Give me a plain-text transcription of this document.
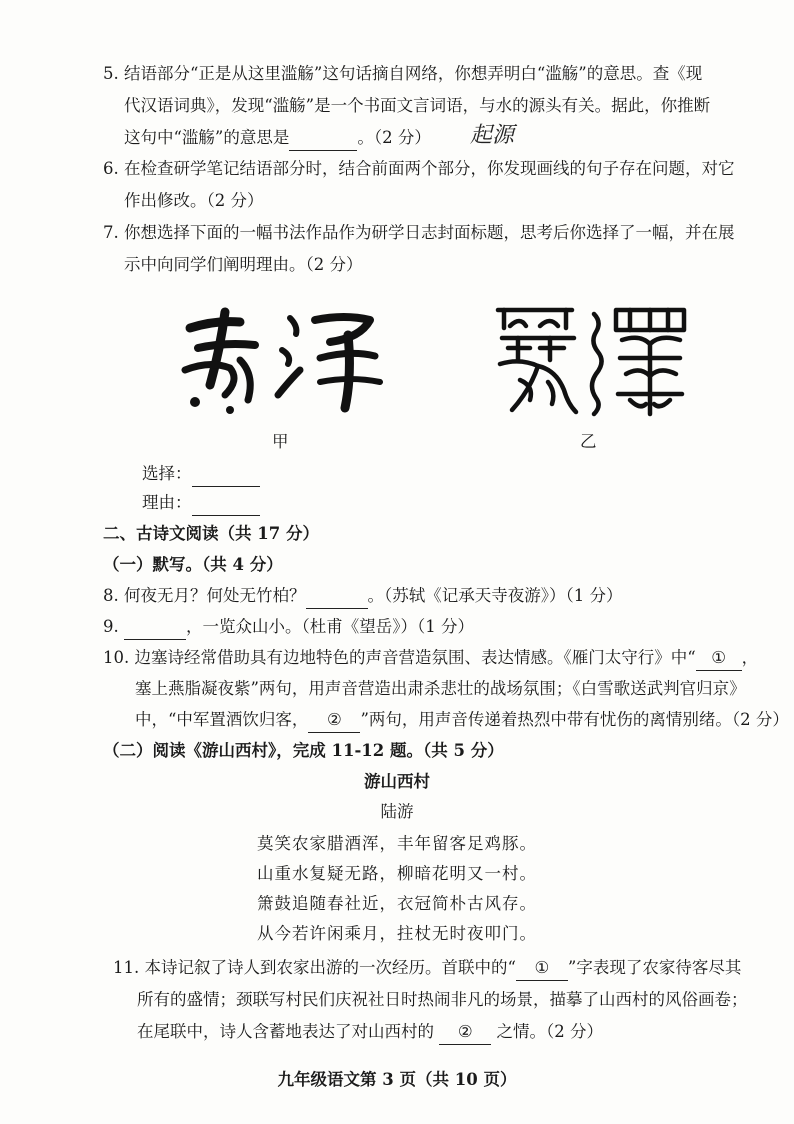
5. 结语部分“正是从这里滥觞”这句话摘自网络，你想弄明白“滥觞”的意思。查《现
代汉语词典》，发现“滥觞”是一个书面文言词语，与水的源头有关。据此，你推断
这句中“滥觞”的意思是	。（2 分） 起源
6. 在检查研学笔记结语部分时，结合前面两个部分，你发现画线的句子存在问题，对它
作出修改。（2 分）
7. 你想选择下面的一幅书法作品作为研学日志封面标题，思考后你选择了一幅，并在展
示中向同学们阐明理由。（2 分）
甲	乙
选择：
理由：
二、古诗文阅读（共 17 分）
（一）默写。（共 4 分）
8. 何夜无月？何处无竹柏？	。（苏轼《记承天寺夜游》）（1 分）
9.	，一览众山小。（杜甫《望岳》）（1 分）
10. 边塞诗经常借助具有边地特色的声音营造氛围、表达情感。《雁门太守行》中“ ① ，
塞上燕脂凝夜紫”两句，用声音营造出肃杀悲壮的战场氛围；《白雪歌送武判官归京》
中，“中军置酒饮归客， ② ”两句，用声音传递着热烈中带有忧伤的离情别绪。（2 分）
（二）阅读《游山西村》，完成 11-12 题。（共 5 分）
游山西村
陆游
莫笑农家腊酒浑，丰年留客足鸡豚。
山重水复疑无路，柳暗花明又一村。
箫鼓追随春社近，衣冠简朴古风存。
从今若许闲乘月，拄杖无时夜叩门。
11. 本诗记叙了诗人到农家出游的一次经历。首联中的“ ① ”字表现了农家待客尽其
所有的盛情；颈联写村民们庆祝社日时热闹非凡的场景，描摹了山西村的风俗画卷；
在尾联中，诗人含蓄地表达了对山西村的 ② 之情。（2 分）
九年级语文第 3 页（共 10 页）
